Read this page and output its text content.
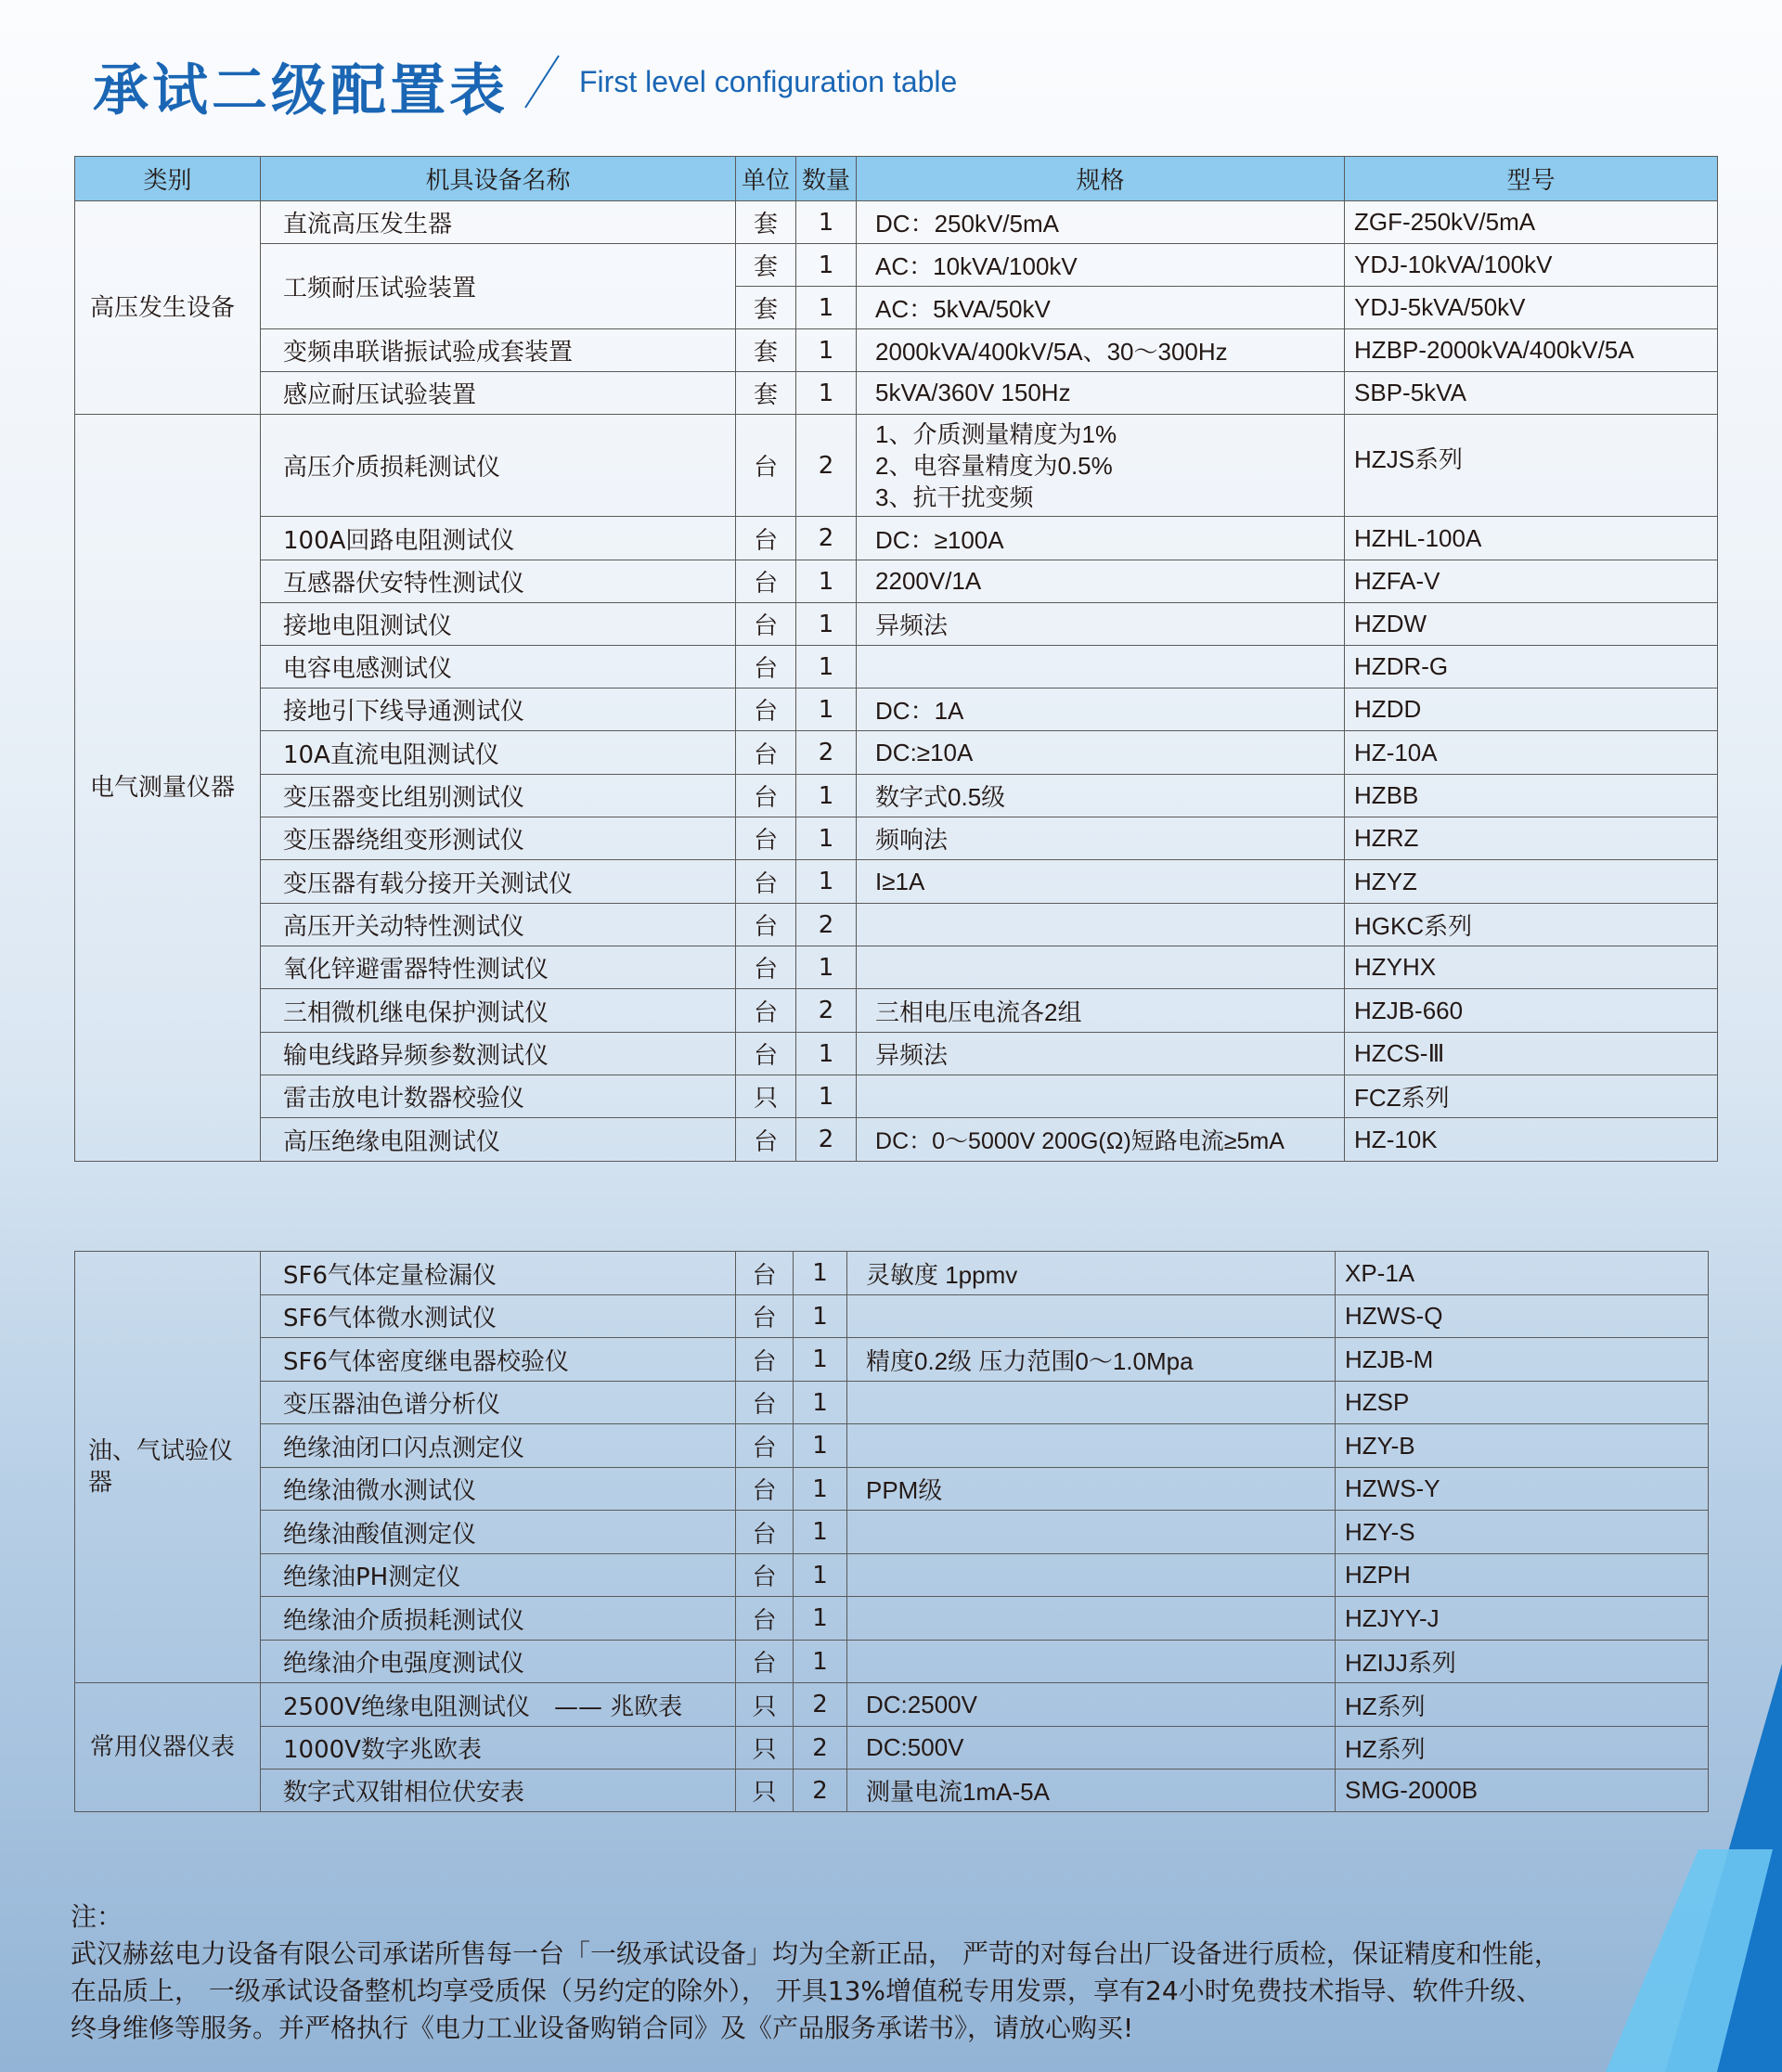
承试二级配置表 First level configuration table
类别	机具设备名称	单位	数量	规格	型号
高压发生设备	直流高压发生器	套	1	DC：250kV/5mA	ZGF-250kV/5mA
	工频耐压试验装置	套	1	AC：10kVA/100kV	YDJ-10kVA/100kV
		套	1	AC：5kVA/50kV	YDJ-5kVA/50kV
	变频串联谐振试验成套装置	套	1	2000kVA/400kV/5A、30～300Hz	HZBP-2000kVA/400kV/5A
	感应耐压试验装置	套	1	5kVA/360V 150Hz	SBP-5kVA
电气测量仪器	高压介质损耗测试仪	台	2	1、介质测量精度为1%
2、电容量精度为0.5%
3、抗干扰变频	HZJS系列
	100A回路电阻测试仪	台	2	DC：≥100A	HZHL-100A
	互感器伏安特性测试仪	台	1	2200V/1A	HZFA-V
	接地电阻测试仪	台	1	异频法	HZDW
	电容电感测试仪	台	1		HZDR-G
	接地引下线导通测试仪	台	1	DC：1A	HZDD
	10A直流电阻测试仪	台	2	DC:≥10A	HZ-10A
	变压器变比组别测试仪	台	1	数字式0.5级	HZBB
	变压器绕组变形测试仪	台	1	频响法	HZRZ
	变压器有载分接开关测试仪	台	1	I≥1A	HZYZ
	高压开关动特性测试仪	台	2		HGKC系列
	氧化锌避雷器特性测试仪	台	1		HZYHX
	三相微机继电保护测试仪	台	2	三相电压电流各2组	HZJB-660
	输电线路异频参数测试仪	台	1	异频法	HZCS-Ⅲ
	雷击放电计数器校验仪	只	1		FCZ系列
	高压绝缘电阻测试仪	台	2	DC：0～5000V 200G(Ω)短路电流≥5mA	HZ-10K
油、气试验仪器	SF6气体定量检漏仪	台	1	灵敏度 1ppmv	XP-1A
	SF6气体微水测试仪	台	1		HZWS-Q
	SF6气体密度继电器校验仪	台	1	精度0.2级 压力范围0～1.0Mpa	HZJB-M
	变压器油色谱分析仪	台	1		HZSP
	绝缘油闭口闪点测定仪	台	1		HZY-B
	绝缘油微水测试仪	台	1	PPM级	HZWS-Y
	绝缘油酸值测定仪	台	1		HZY-S
	绝缘油PH测定仪	台	1		HZPH
	绝缘油介质损耗测试仪	台	1		HZJYY-J
	绝缘油介电强度测试仪	台	1		HZIJJ系列
常用仪器仪表	2500V绝缘电阻测试仪　—— 兆欧表	只	2	DC:2500V	HZ系列
	1000V数字兆欧表	只	2	DC:500V	HZ系列
	数字式双钳相位伏安表	只	2	测量电流1mA-5A	SMG-2000B

注：

武汉赫兹电力设备有限公司承诺所售每一台「一级承试设备」均为全新正品， 严苛的对每台出厂设备进行质检，保证精度和性能，

在品质上， 一级承试设备整机均享受质保（另约定的除外）， 开具13%增值税专用发票，享有24小时免费技术指导、软件升级、

终身维修等服务。并严格执行《电力工业设备购销合同》及《产品服务承诺书》，请放心购买!
